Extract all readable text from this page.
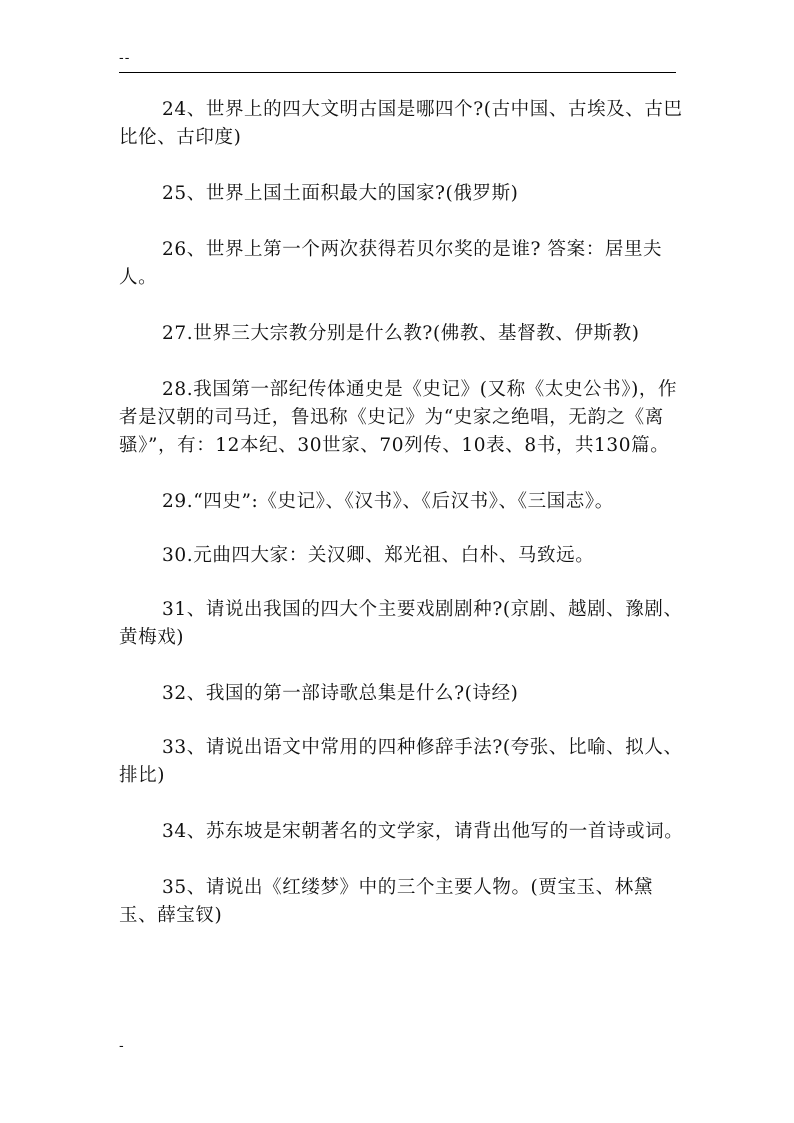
--

24、世界上的四大文明古国是哪四个?(古中国、古埃及、古巴比伦、古印度)

25、世界上国土面积最大的国家?(俄罗斯)

26、世界上第一个两次获得若贝尔奖的是谁? 答案：居里夫人。

27.世界三大宗教分别是什么教?(佛教、基督教、伊斯教)

28.我国第一部纪传体通史是《史记》(又称《太史公书》)，作者是汉朝的司马迁，鲁迅称《史记》为“史家之绝唱，无韵之《离骚》”，有：12本纪、30世家、70列传、10表、8书，共130篇。

29.“四史”:《史记》、《汉书》、《后汉书》、《三国志》。

30.元曲四大家：关汉卿、郑光祖、白朴、马致远。

31、请说出我国的四大个主要戏剧剧种?(京剧、越剧、豫剧、黄梅戏)

32、我国的第一部诗歌总集是什么?(诗经)

33、请说出语文中常用的四种修辞手法?(夸张、比喻、拟人、排比)

34、苏东坡是宋朝著名的文学家，请背出他写的一首诗或词。

35、请说出《红缕梦》中的三个主要人物。(贾宝玉、林黛玉、薛宝钗)

-
